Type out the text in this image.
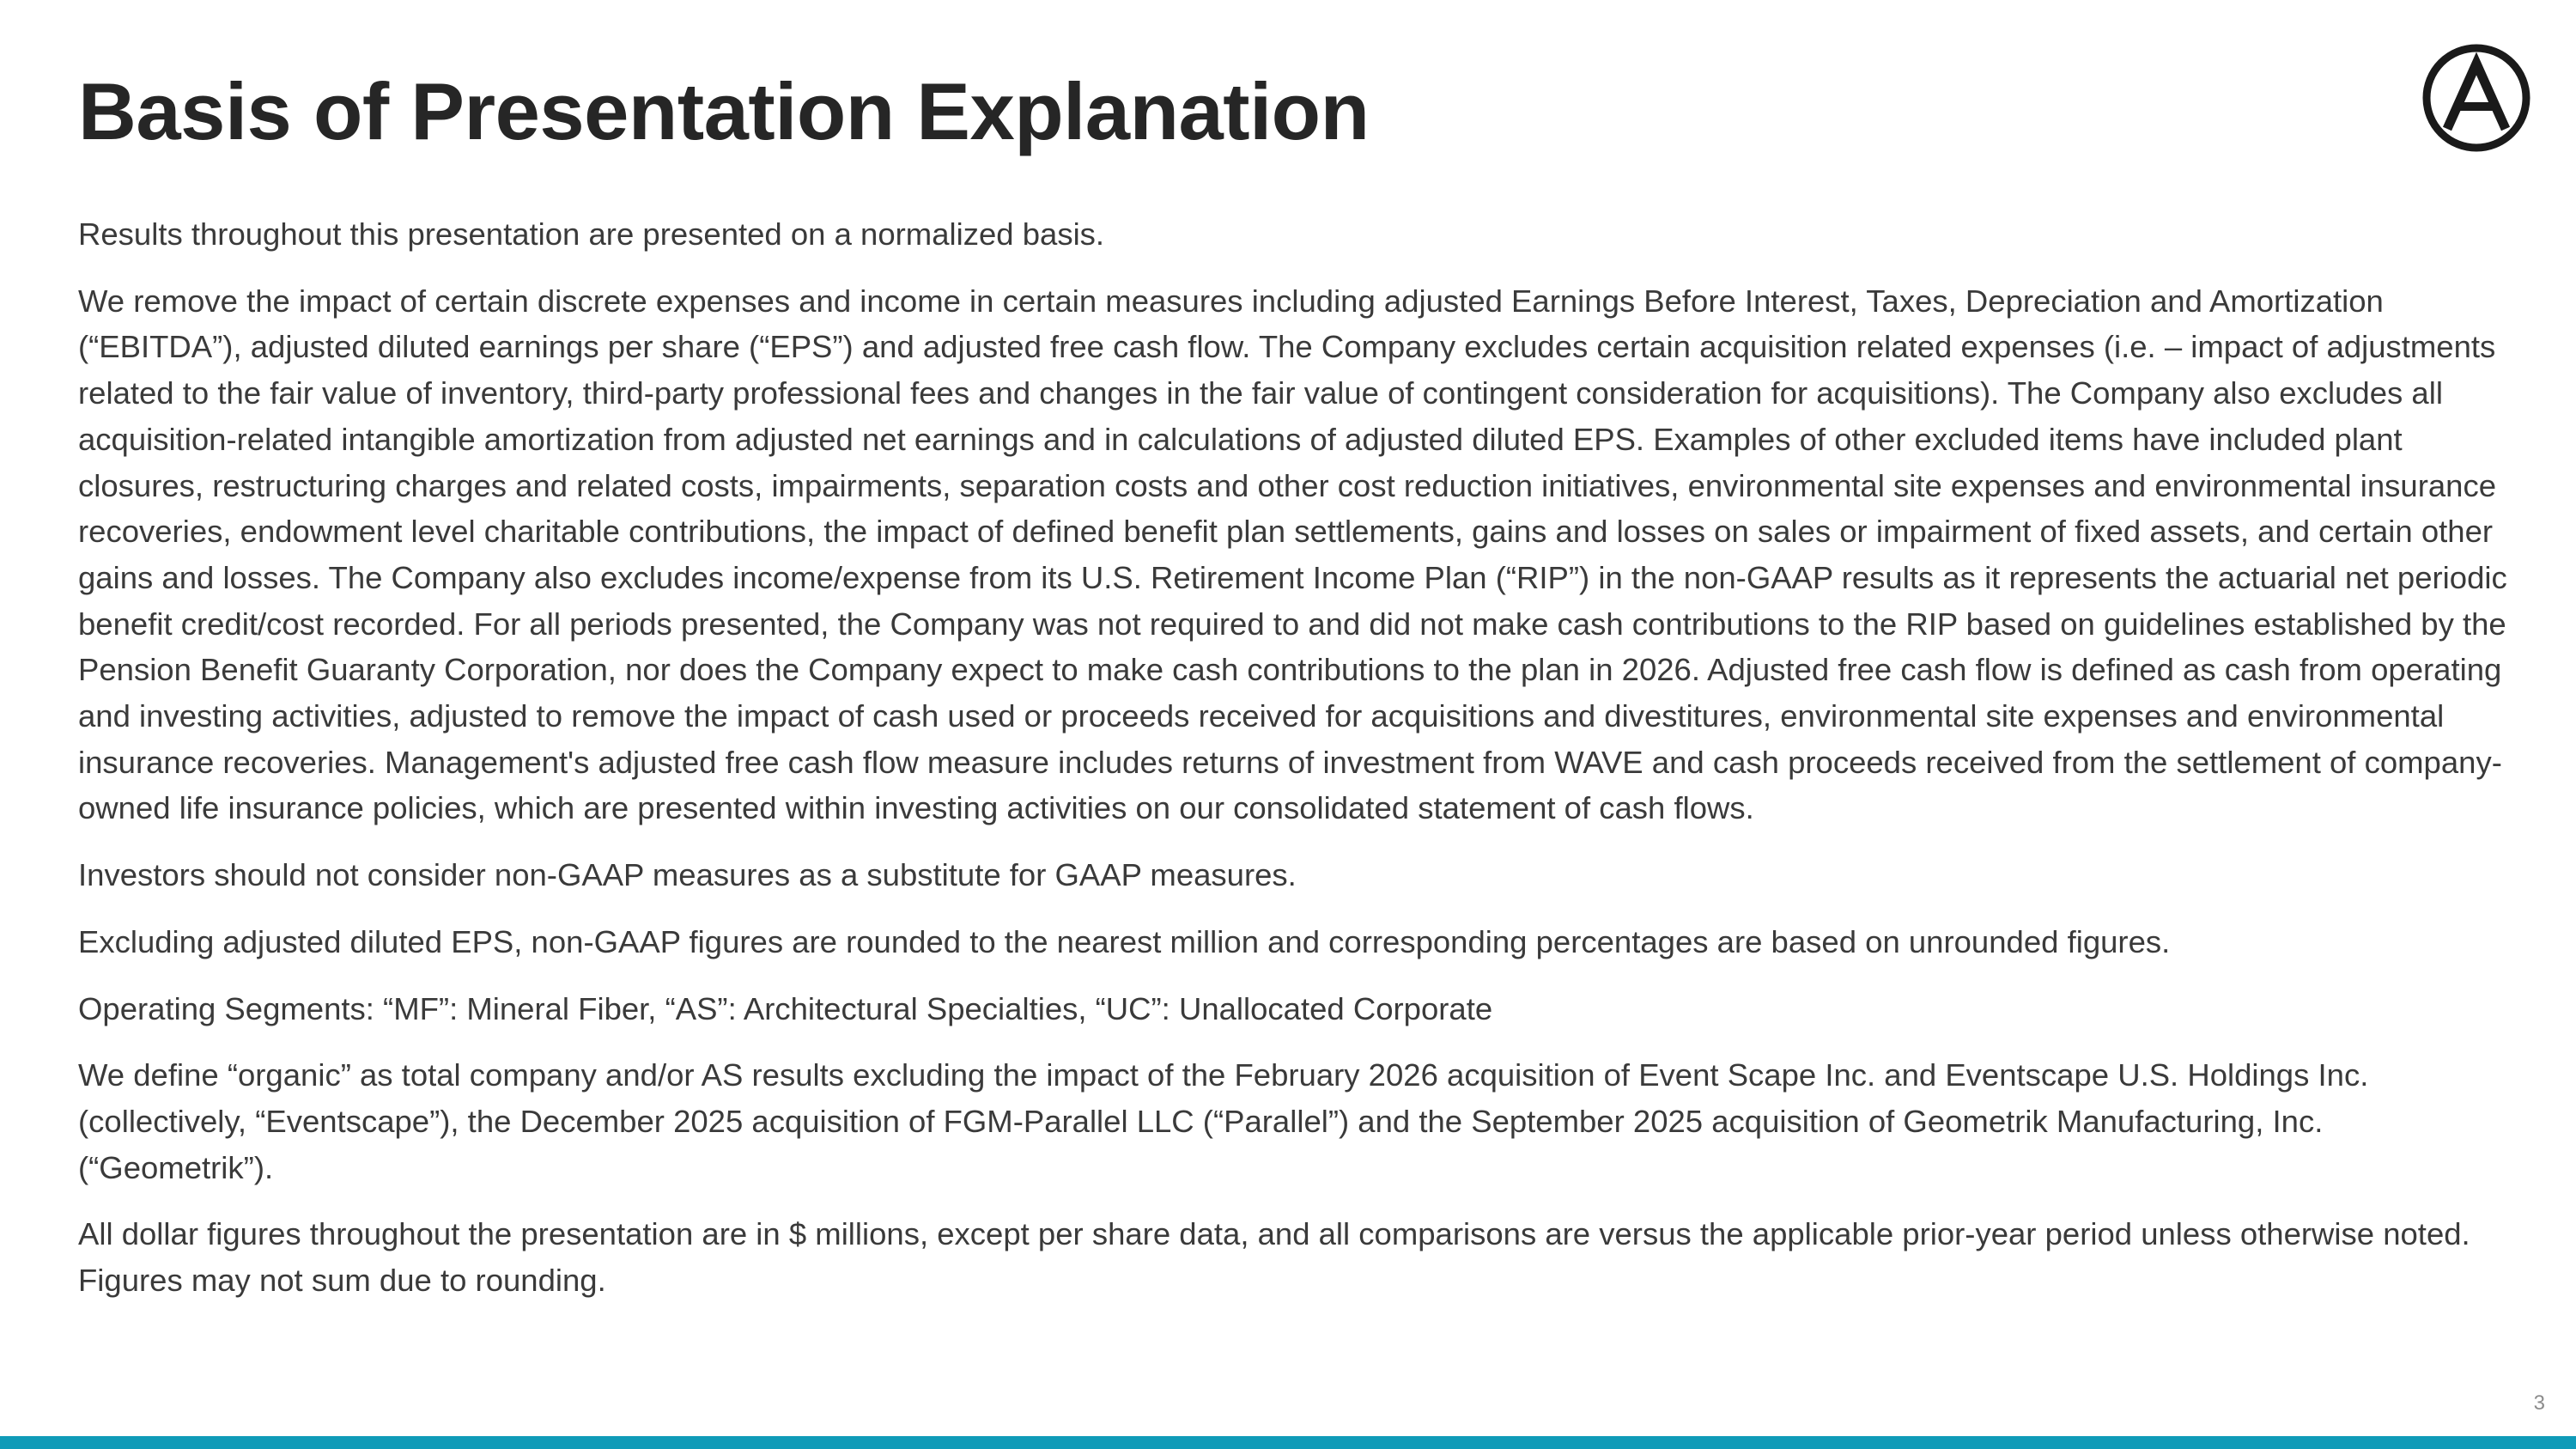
Basis of Presentation Explanation

Results throughout this presentation are presented on a normalized basis.

We remove the impact of certain discrete expenses and income in certain measures including adjusted Earnings Before Interest, Taxes, Depreciation and Amortization (“EBITDA”), adjusted diluted earnings per share (“EPS”) and adjusted free cash flow. The Company excludes certain acquisition related expenses (i.e. – impact of adjustments related to the fair value of inventory, third-party professional fees and changes in the fair value of contingent consideration for acquisitions). The Company also excludes all acquisition-related intangible amortization from adjusted net earnings and in calculations of adjusted diluted EPS. Examples of other excluded items have included plant closures, restructuring charges and related costs, impairments, separation costs and other cost reduction initiatives, environmental site expenses and environmental insurance recoveries, endowment level charitable contributions, the impact of defined benefit plan settlements, gains and losses on sales or impairment of fixed assets, and certain other gains and losses. The Company also excludes income/expense from its U.S. Retirement Income Plan (“RIP”) in the non-GAAP results as it represents the actuarial net periodic benefit credit/cost recorded. For all periods presented, the Company was not required to and did not make cash contributions to the RIP based on guidelines established by the Pension Benefit Guaranty Corporation, nor does the Company expect to make cash contributions to the plan in 2026. Adjusted free cash flow is defined as cash from operating and investing activities, adjusted to remove the impact of cash used or proceeds received for acquisitions and divestitures, environmental site expenses and environmental insurance recoveries. Management's adjusted free cash flow measure includes returns of investment from WAVE and cash proceeds received from the settlement of company-owned life insurance policies, which are presented within investing activities on our consolidated statement of cash flows.

Investors should not consider non-GAAP measures as a substitute for GAAP measures.

Excluding adjusted diluted EPS, non-GAAP figures are rounded to the nearest million and corresponding percentages are based on unrounded figures.

Operating Segments: “MF”: Mineral Fiber, “AS”: Architectural Specialties, “UC”: Unallocated Corporate

We define “organic” as total company and/or AS results excluding the impact of the February 2026 acquisition of Event Scape Inc. and Eventscape U.S. Holdings Inc. (collectively, “Eventscape”), the December 2025 acquisition of FGM-Parallel LLC (“Parallel”) and the September 2025 acquisition of Geometrik Manufacturing, Inc. (“Geometrik”).

All dollar figures throughout the presentation are in $ millions, except per share data, and all comparisons are versus the applicable prior-year period unless otherwise noted. Figures may not sum due to rounding.

3
